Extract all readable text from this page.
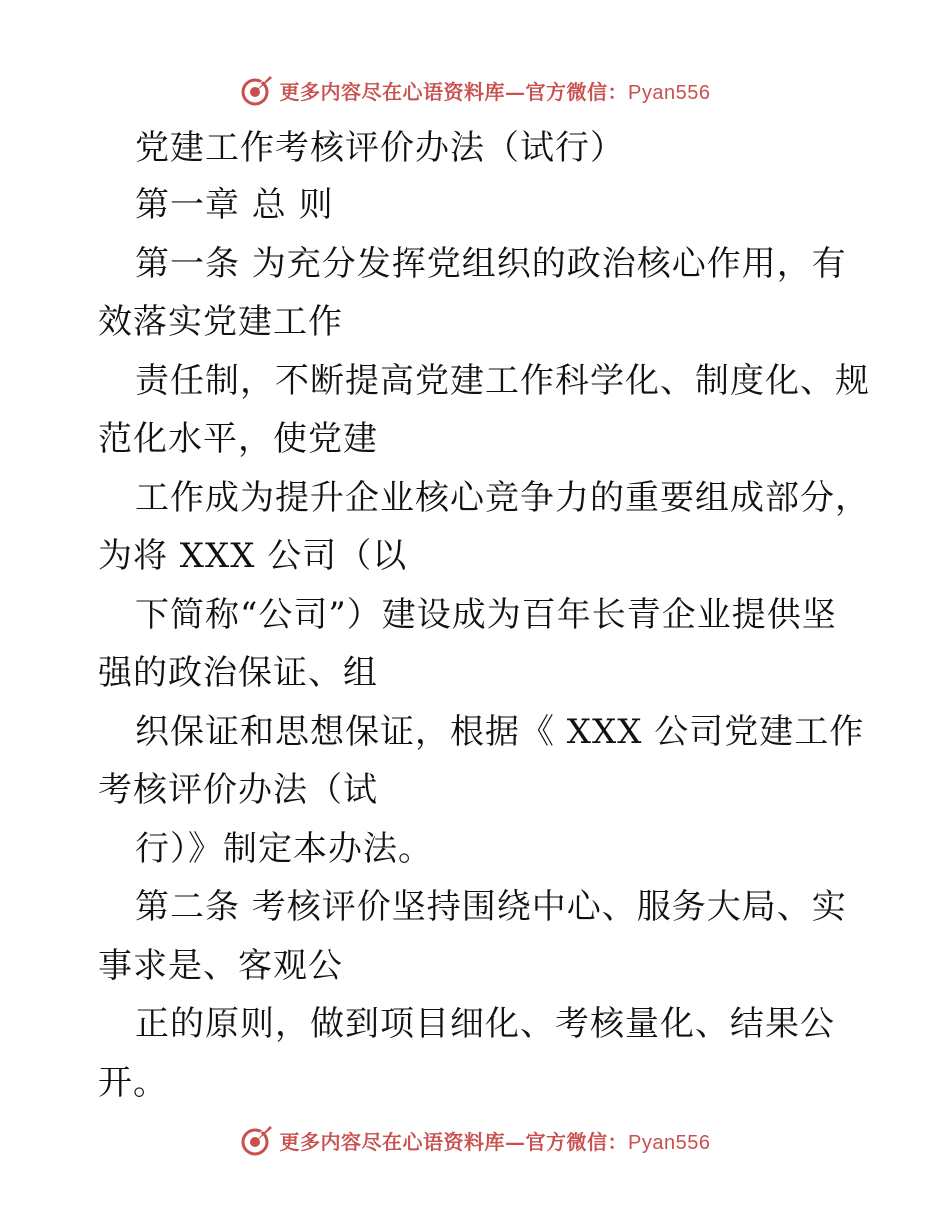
更多内容尽在心语资料库—官方微信：Pyan556
党建工作考核评价办法（试行）
第一章 总 则
第一条 为充分发挥党组织的政治核心作用，有
效落实党建工作
责任制，不断提高党建工作科学化、制度化、规
范化水平，使党建
工作成为提升企业核心竞争力的重要组成部分，
为将 XXX 公司（以
下简称“公司”）建设成为百年长青企业提供坚
强的政治保证、组
织保证和思想保证，根据《 XXX 公司党建工作
考核评价办法（试
行）》制定本办法。
第二条 考核评价坚持围绕中心、服务大局、实
事求是、客观公
正的原则，做到项目细化、考核量化、结果公
开。
更多内容尽在心语资料库—官方微信：Pyan556
